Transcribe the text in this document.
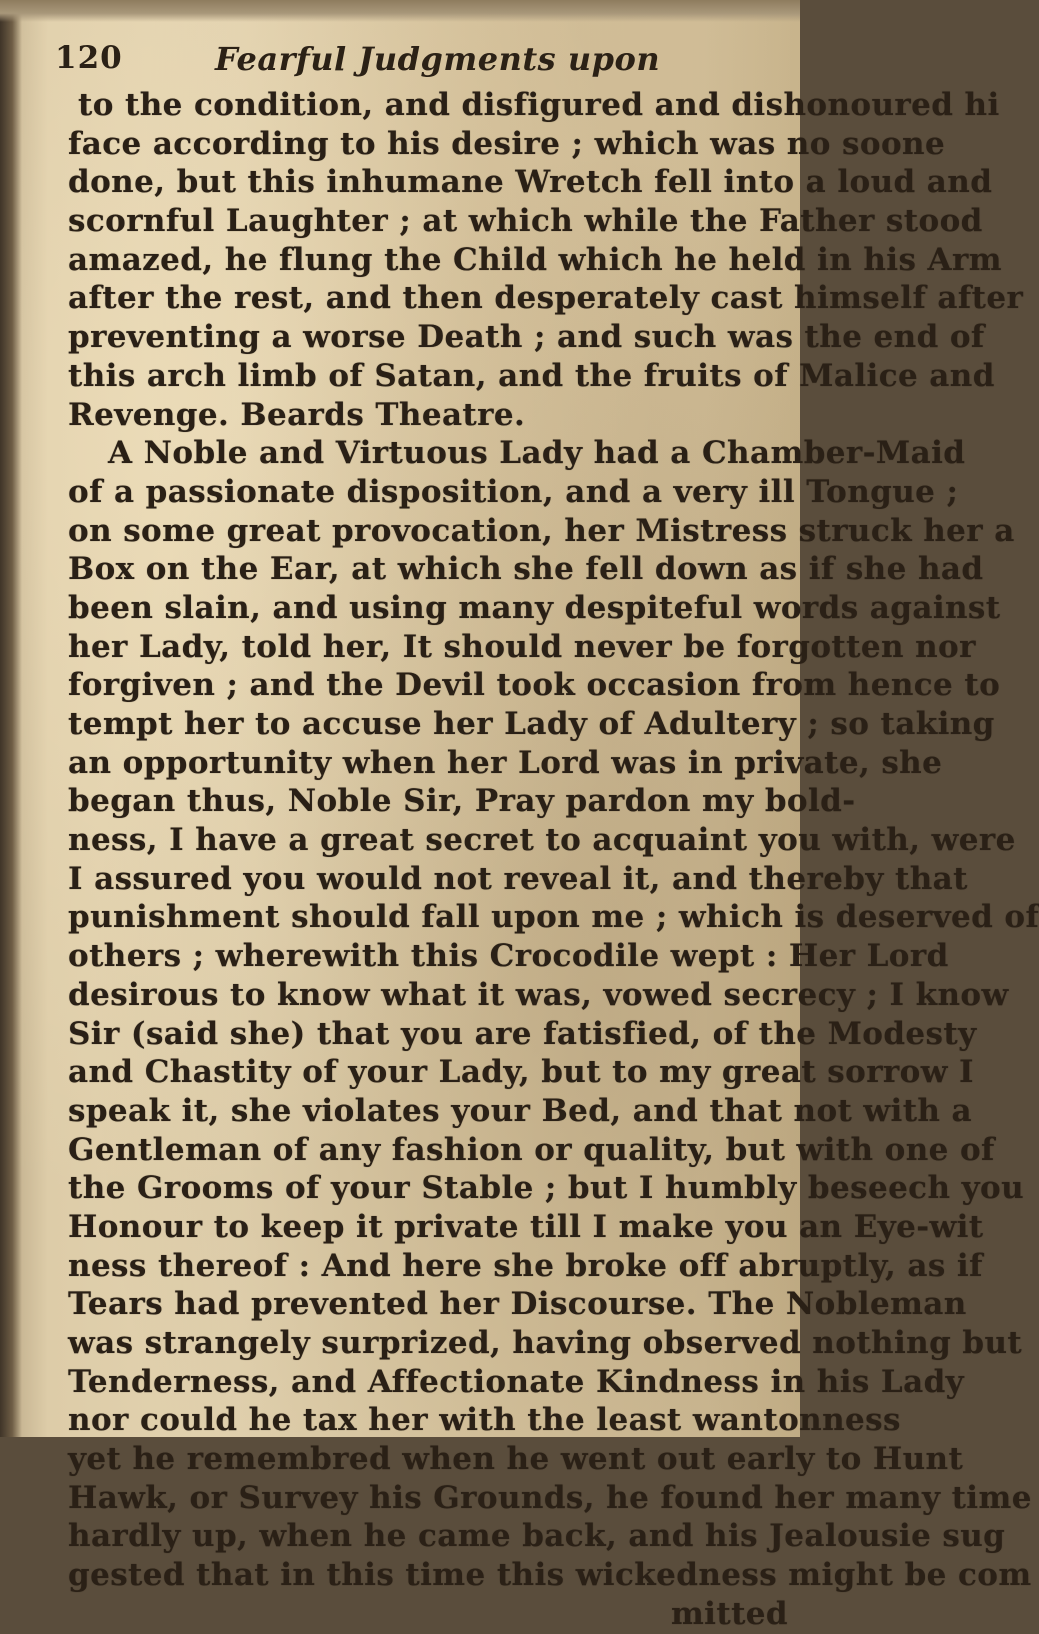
120	Fearful Judgments upon
to the condition, and disfigured and dishonoured hi
face according to his desire ; which was no soone
done, but this inhumane Wretch fell into a loud and
scornful Laughter ; at which while the Father stood
amazed, he flung the Child which he held in his Arm
after the rest, and then desperately cast himself after
preventing a worse Death ; and such was the end of
this arch limb of Satan, and the fruits of Malice and
Revenge. Beards Theatre.
A Noble and Virtuous Lady had a Chamber-Maid
of a passionate disposition, and a very ill Tongue ;
on some great provocation, her Mistress struck her a
Box on the Ear, at which she fell down as if she had
been slain, and using many despiteful words against
her Lady, told her, It should never be forgotten nor
forgiven ; and the Devil took occasion from hence to
tempt her to accuse her Lady of Adultery ; so taking
an opportunity when her Lord was in private, she
began thus, Noble Sir, Pray pardon my bold-
ness, I have a great secret to acquaint you with, were
I assured you would not reveal it, and thereby that
punishment should fall upon me ; which is deserved of
others ; wherewith this Crocodile wept : Her Lord
desirous to know what it was, vowed secrecy ; I know
Sir (said she) that you are fatisfied, of the Modesty
and Chastity of your Lady, but to my great sorrow I
speak it, she violates your Bed, and that not with a
Gentleman of any fashion or quality, but with one of
the Grooms of your Stable ; but I humbly beseech you
Honour to keep it private till I make you an Eye-wit
ness thereof : And here she broke off abruptly, as if
Tears had prevented her Discourse. The Nobleman
was strangely surprized, having observed nothing but
Tenderness, and Affectionate Kindness in his Lady
nor could he tax her with the least wantonness
yet he remembred when he went out early to Hunt
Hawk, or Survey his Grounds, he found her many time
hardly up, when he came back, and his Jealousie sug
gested that in this time this wickedness might be com
mitted
